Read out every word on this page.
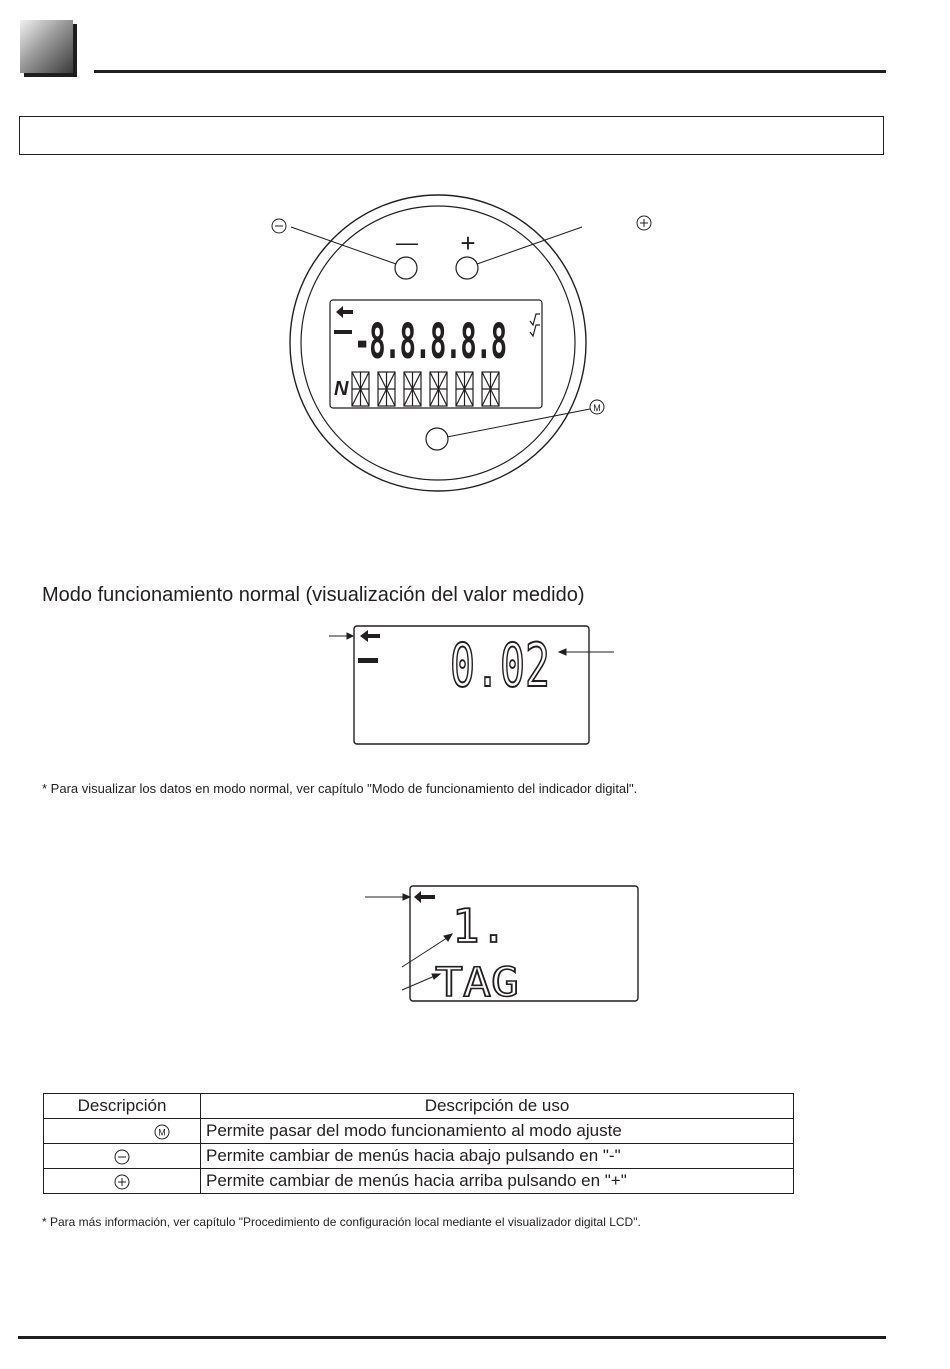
M
— +
-8.8.8.8.8
N
Modo funcionamiento normal (visualización del valor medido)
0.02
* Para visualizar los datos en modo normal, ver capítulo "Modo de funcionamiento del indicador digital".
1.
TAG
Descripción	Descripción de uso

M	Permite pasar del modo funcionamiento al modo ajuste
	Permite cambiar de menús hacia abajo pulsando en "-"
	Permite cambiar de menús hacia arriba pulsando en "+"
* Para más información, ver capítulo "Procedimiento de configuración local mediante el visualizador digital LCD".
